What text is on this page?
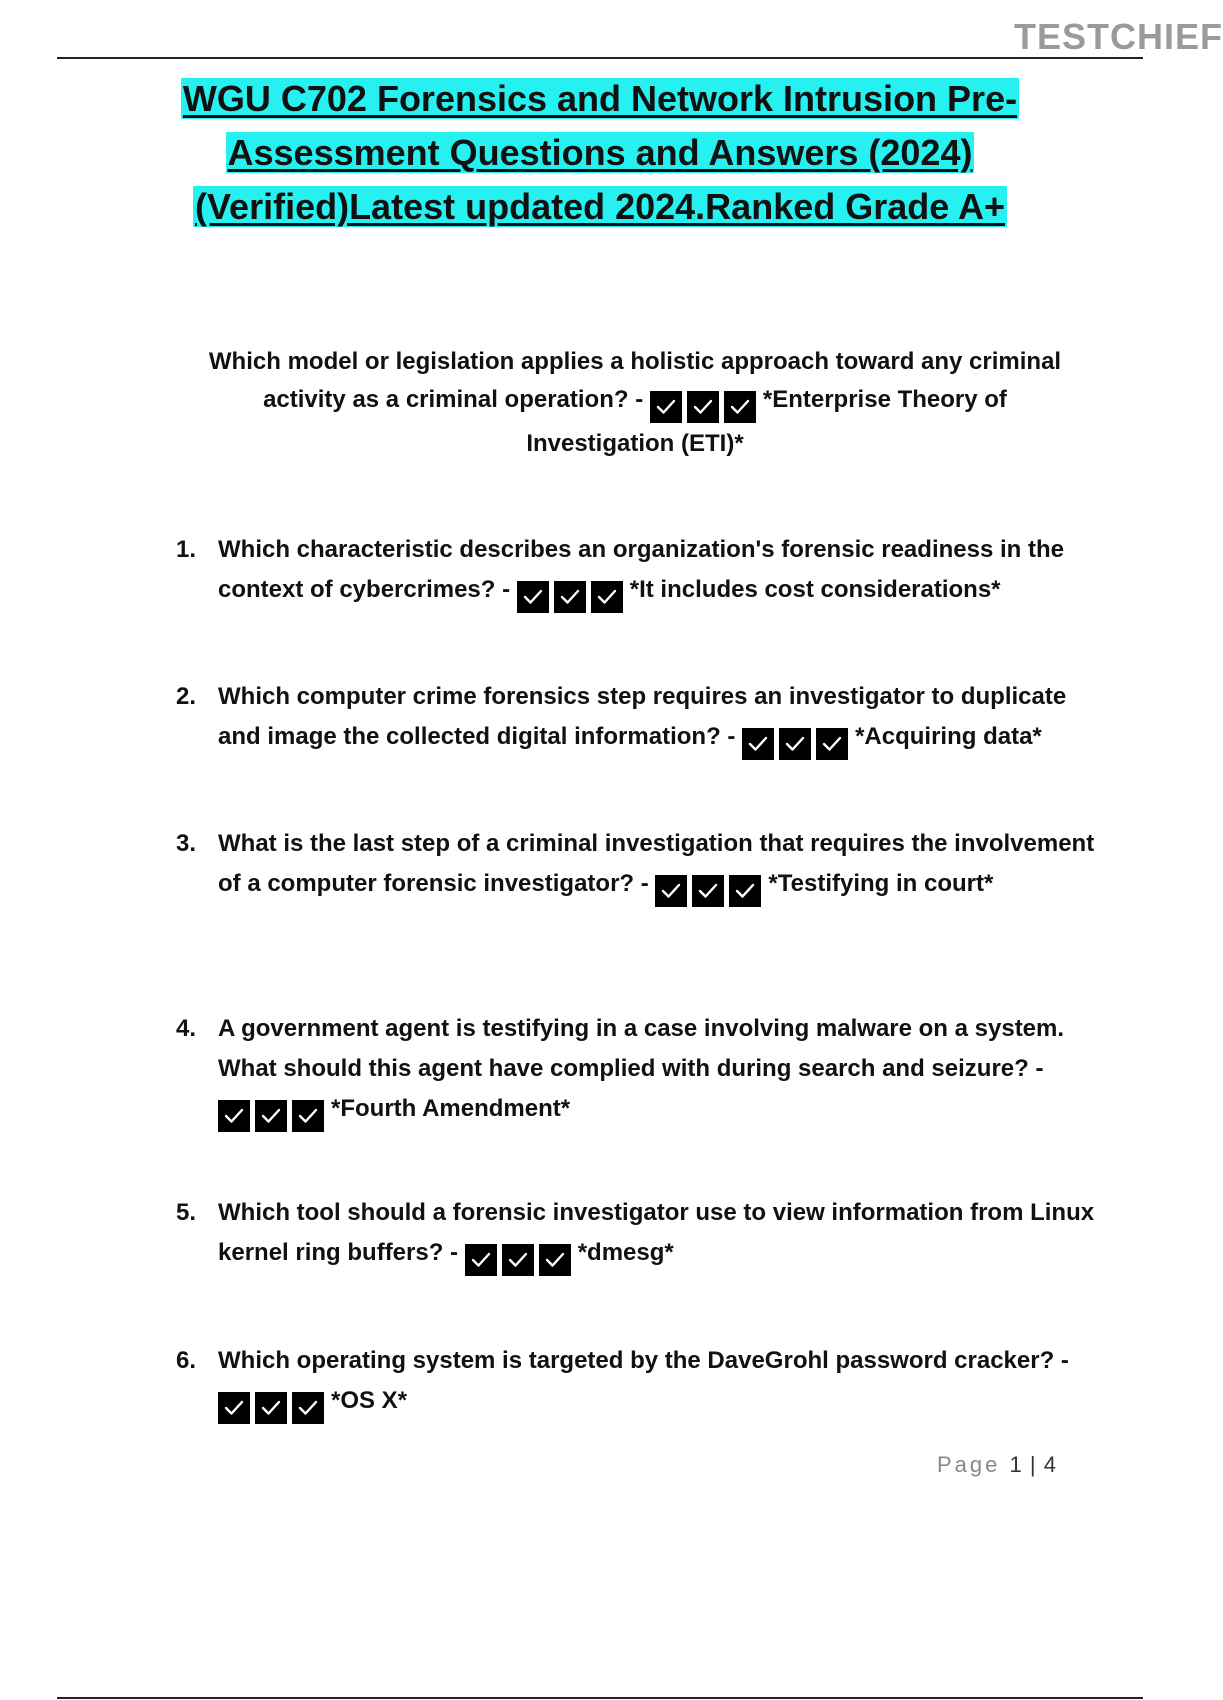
TESTCHIEF
WGU C702 Forensics and Network Intrusion Pre-
Assessment Questions and Answers (2024)
(Verified)Latest updated 2024.Ranked Grade A+
Which model or legislation applies a holistic approach toward any criminal activity as a criminal operation? -	*Enterprise Theory of Investigation (ETI)*
1. Which characteristic describes an organization's forensic readiness in the context of cybercrimes? -	*It includes cost considerations*
2. Which computer crime forensics step requires an investigator to duplicate and image the collected digital information? -	*Acquiring data*
3. What is the last step of a criminal investigation that requires the involvement of a computer forensic investigator? -	*Testifying in court*
4. A government agent is testifying in a case involving malware on a system. What should this agent have complied with during search and seizure? -
*Fourth Amendment*
5. Which tool should a forensic investigator use to view information from Linux kernel ring buffers? -	*dmesg*
6. Which operating system is targeted by the DaveGrohl password cracker? -
*OS X*
Page 1 | 4
